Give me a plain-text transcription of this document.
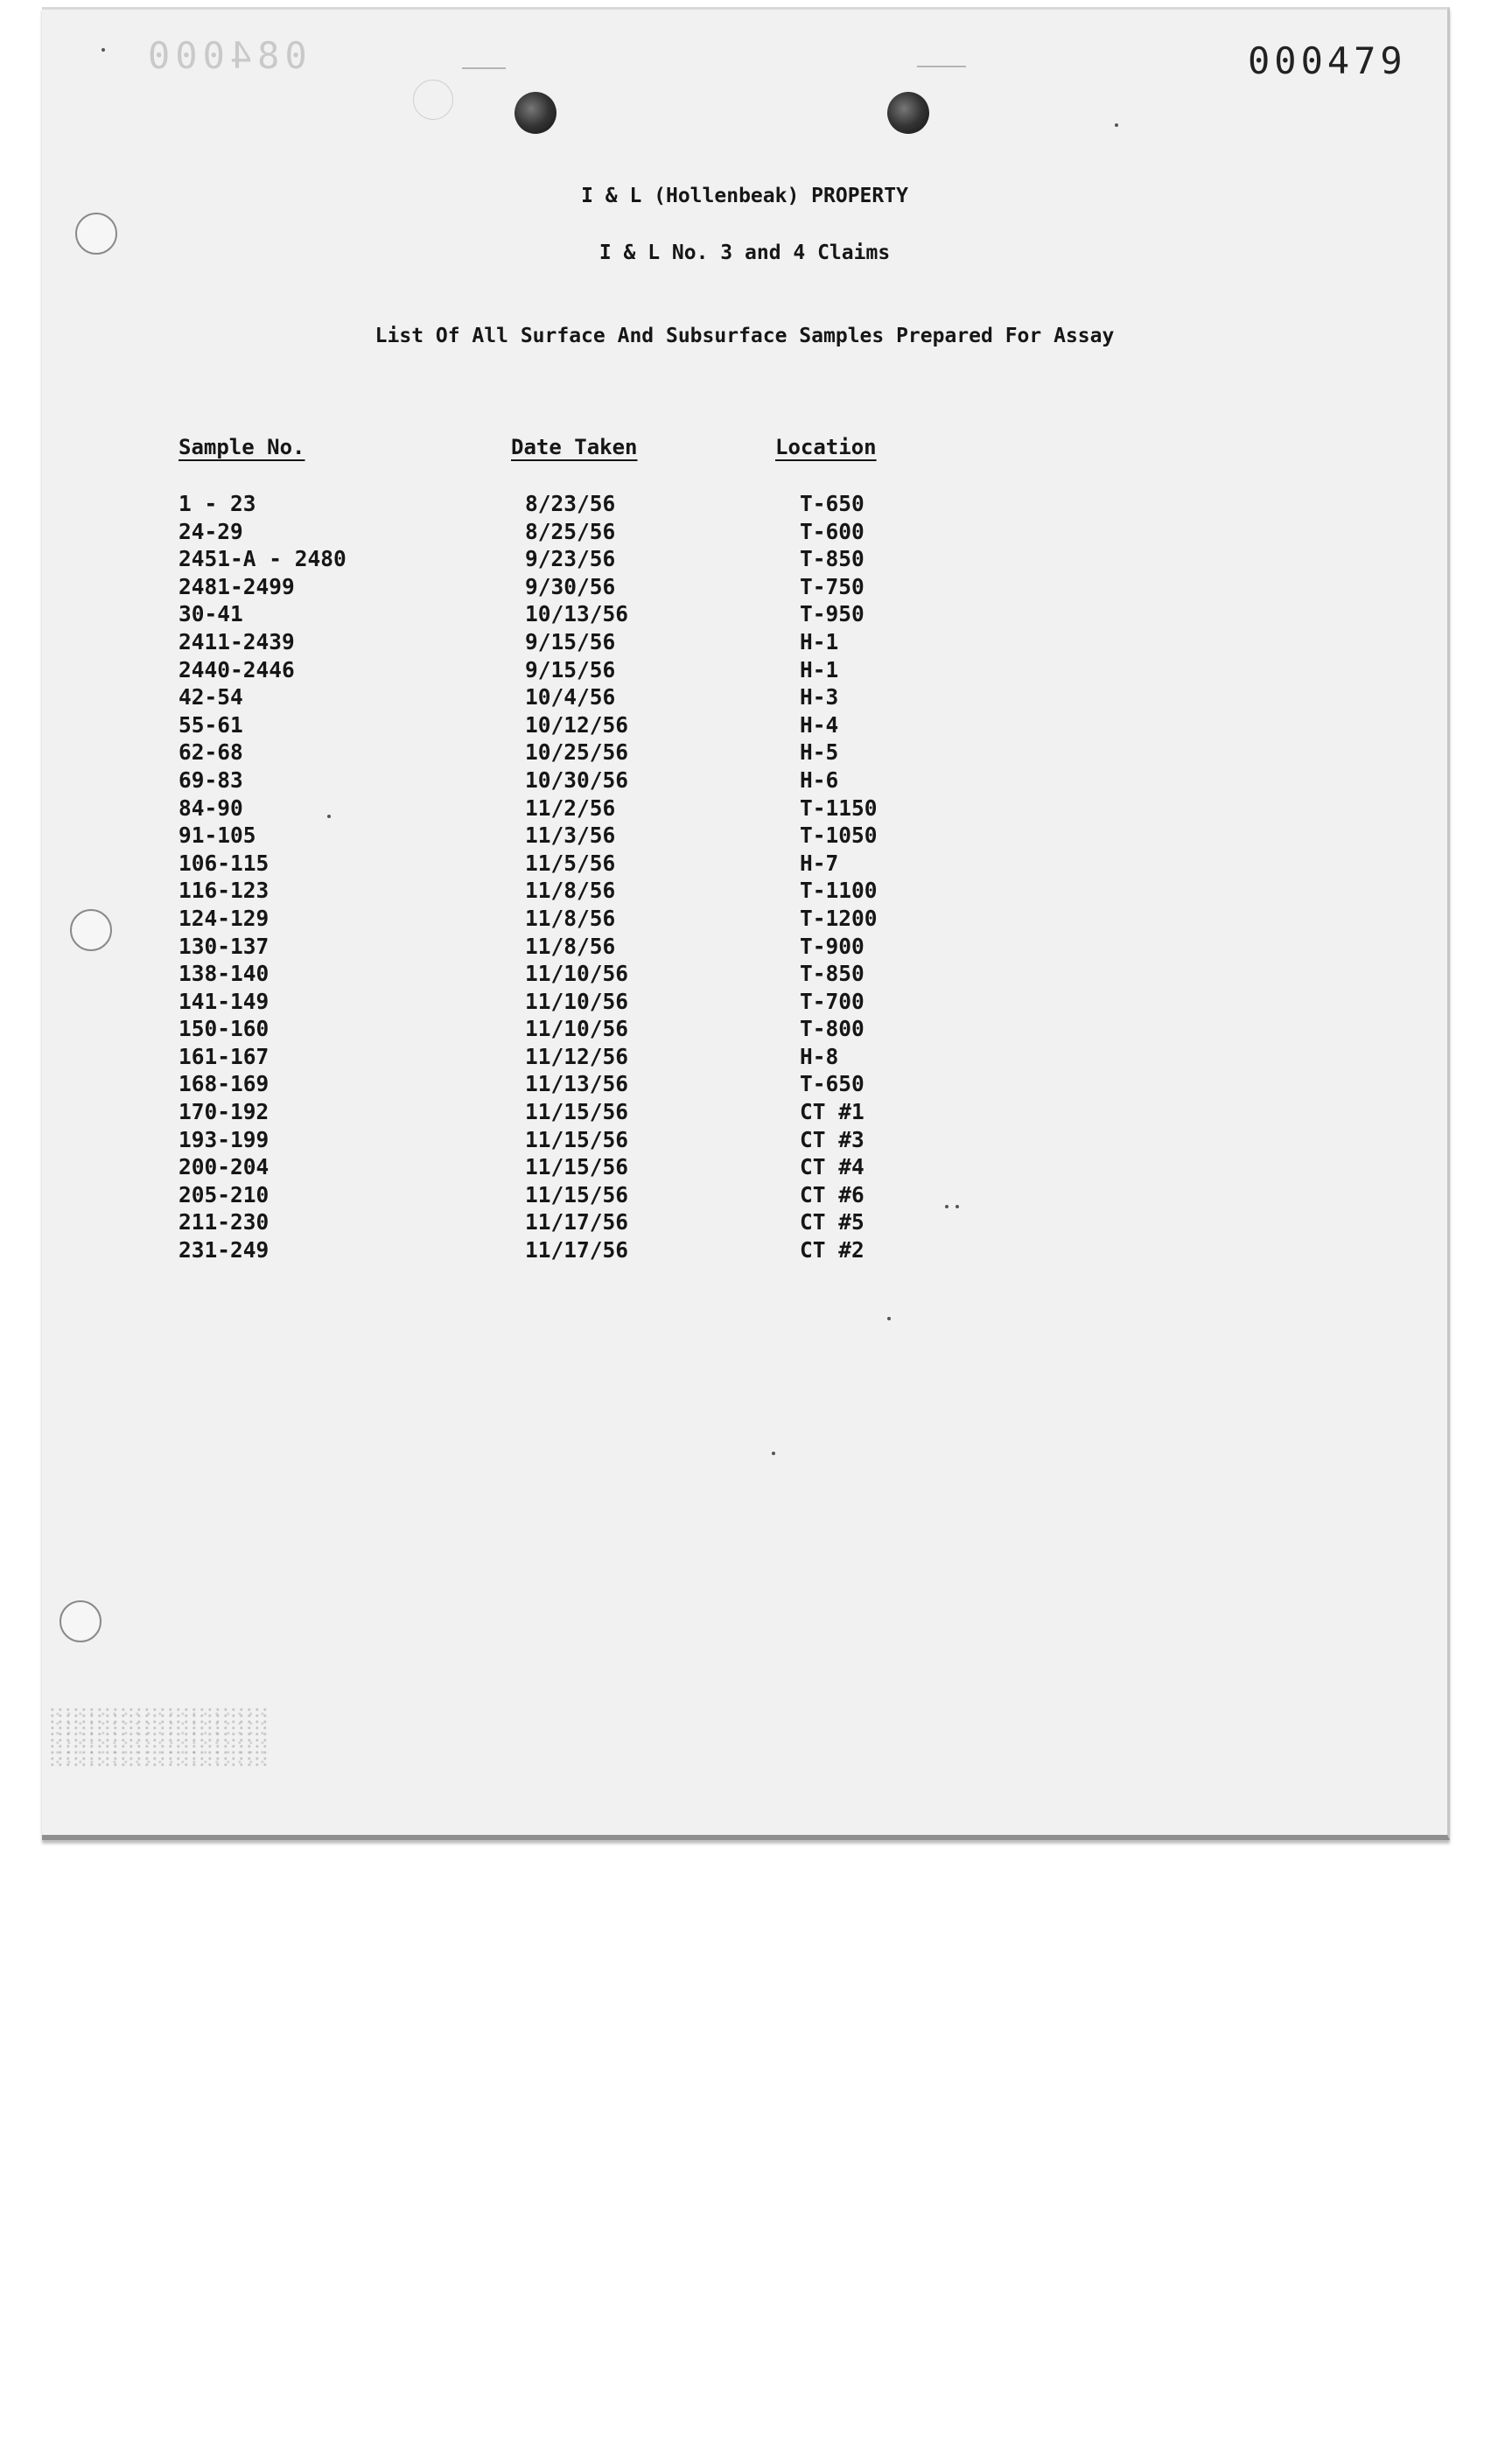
084000	000479
I & L (Hollenbeak) PROPERTY
I & L No. 3 and 4 Claims
List Of All Surface And Subsurface Samples Prepared For Assay
Sample No.	Date Taken	Location
1 - 23	8/23/56	T-650
24-29	8/25/56	T-600
2451-A - 2480	9/23/56	T-850
2481-2499	9/30/56	T-750
30-41	10/13/56	T-950
2411-2439	9/15/56	H-1
2440-2446	9/15/56	H-1
42-54	10/4/56	H-3
55-61	10/12/56	H-4
62-68	10/25/56	H-5
69-83	10/30/56	H-6
84-90	11/2/56	T-1150
91-105	11/3/56	T-1050
106-115	11/5/56	H-7
116-123	11/8/56	T-1100
124-129	11/8/56	T-1200
130-137	11/8/56	T-900
138-140	11/10/56	T-850
141-149	11/10/56	T-700
150-160	11/10/56	T-800
161-167	11/12/56	H-8
168-169	11/13/56	T-650
170-192	11/15/56	CT #1
193-199	11/15/56	CT #3
200-204	11/15/56	CT #4
205-210	11/15/56	CT #6
211-230	11/17/56	CT #5
231-249	11/17/56	CT #2
